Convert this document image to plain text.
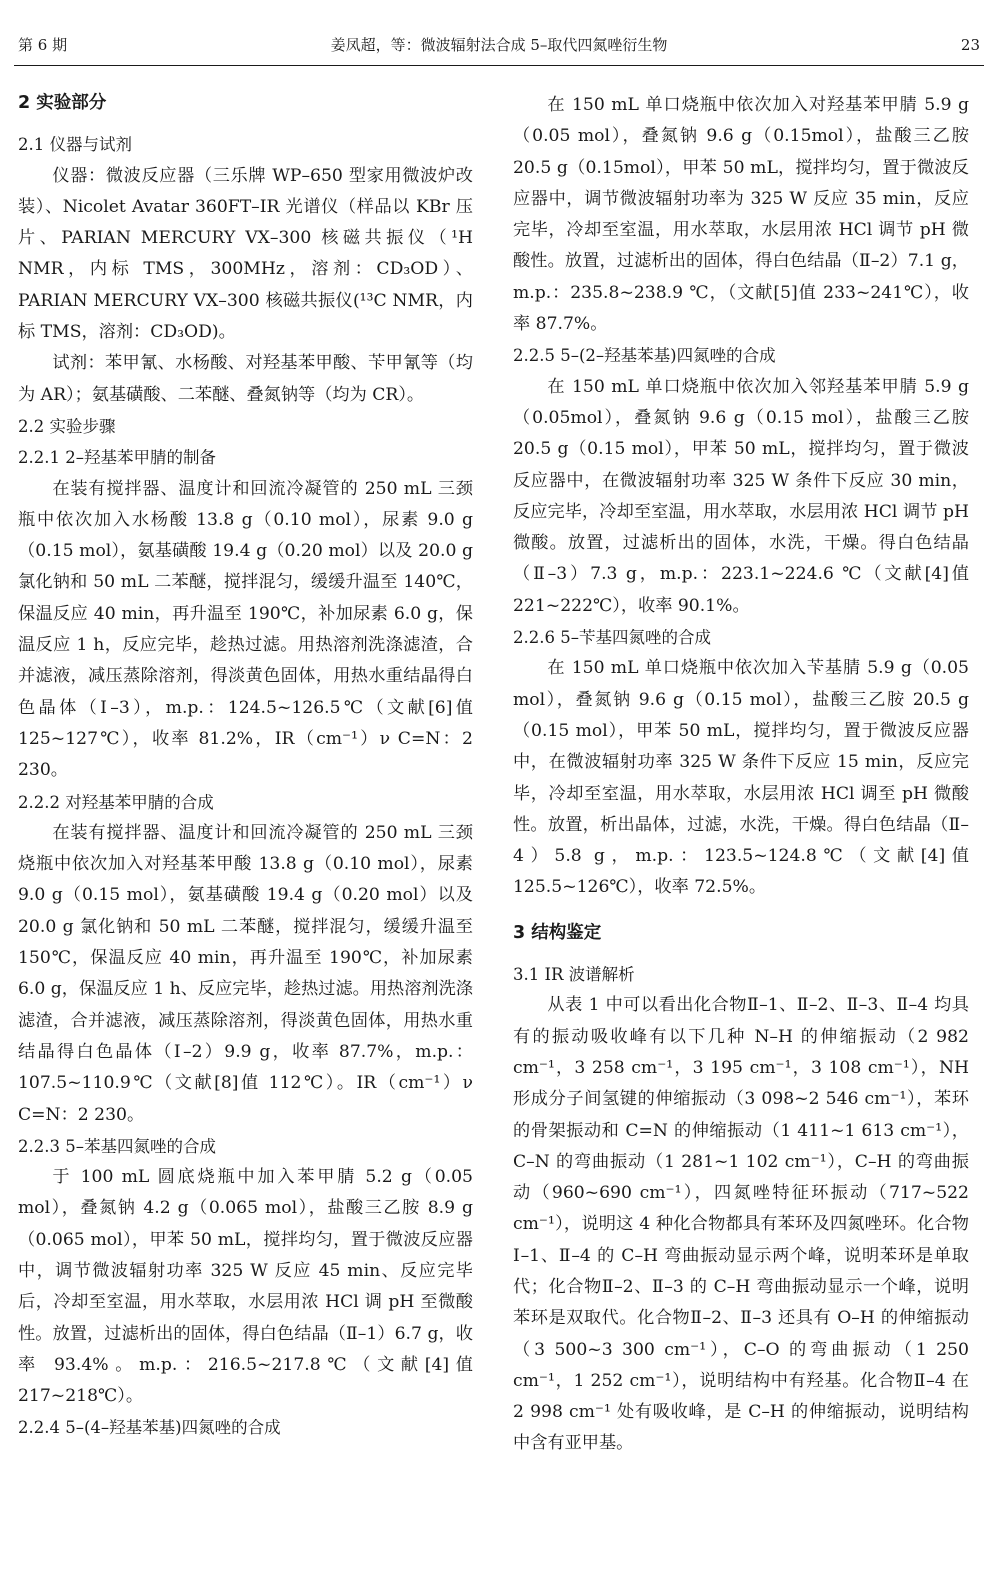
第 6 期	姜凤超，等：微波辐射法合成 5–取代四氮唑衍生物	23
2 实验部分
2.1 仪器与试剂
仪器：微波反应器（三乐牌 WP–650 型家用微波炉改装）、Nicolet Avatar 360FT–IR 光谱仪（样品以 KBr 压片、PARIAN MERCURY VX–300 核磁共振仪（¹H NMR，内标 TMS，300MHz，溶剂：CD₃OD）、PARIAN MERCURY VX–300 核磁共振仪(¹³C NMR，内标 TMS，溶剂：CD₃OD)。
试剂：苯甲氰、水杨酸、对羟基苯甲酸、苄甲氰等（均为 AR）；氨基磺酸、二苯醚、叠氮钠等（均为 CR）。
2.2 实验步骤
2.2.1 2–羟基苯甲腈的制备
在装有搅拌器、温度计和回流冷凝管的 250 mL 三颈瓶中依次加入水杨酸 13.8 g（0.10 mol），尿素 9.0 g（0.15 mol），氨基磺酸 19.4 g（0.20 mol）以及 20.0 g 氯化钠和 50 mL 二苯醚，搅拌混匀，缓缓升温至 140℃，保温反应 40 min，再升温至 190℃，补加尿素 6.0 g，保温反应 1 h，反应完毕，趁热过滤。用热溶剂洗涤滤渣，合并滤液，减压蒸除溶剂，得淡黄色固体，用热水重结晶得白色晶体（Ⅰ–3），m.p.：124.5~126.5℃（文献[6]值 125~127℃），收率 81.2%，IR（cm⁻¹）ν C=N：2 230。
2.2.2 对羟基苯甲腈的合成
在装有搅拌器、温度计和回流冷凝管的 250 mL 三颈烧瓶中依次加入对羟基苯甲酸 13.8 g（0.10 mol），尿素 9.0 g（0.15 mol），氨基磺酸 19.4 g（0.20 mol）以及 20.0 g 氯化钠和 50 mL 二苯醚，搅拌混匀，缓缓升温至 150℃，保温反应 40 min，再升温至 190℃，补加尿素 6.0 g，保温反应 1 h、反应完毕，趁热过滤。用热溶剂洗涤滤渣，合并滤液，减压蒸除溶剂，得淡黄色固体，用热水重结晶得白色晶体（Ⅰ–2）9.9 g，收率 87.7%，m.p.：107.5~110.9℃（文献[8]值 112℃）。IR（cm⁻¹）ν C=N：2 230。
2.2.3 5–苯基四氮唑的合成
于 100 mL 圆底烧瓶中加入苯甲腈 5.2 g（0.05 mol），叠氮钠 4.2 g（0.065 mol），盐酸三乙胺 8.9 g（0.065 mol），甲苯 50 mL，搅拌均匀，置于微波反应器中，调节微波辐射功率 325 W 反应 45 min、反应完毕后，冷却至室温，用水萃取，水层用浓 HCl 调 pH 至微酸性。放置，过滤析出的固体，得白色结晶（Ⅱ–1）6.7 g，收率 93.4%。m.p.：216.5~217.8℃（文献[4]值 217~218℃）。
2.2.4 5–(4–羟基苯基)四氮唑的合成
在 150 mL 单口烧瓶中依次加入对羟基苯甲腈 5.9 g（0.05 mol），叠氮钠 9.6 g（0.15mol），盐酸三乙胺 20.5 g（0.15mol），甲苯 50 mL，搅拌均匀，置于微波反应器中，调节微波辐射功率为 325 W 反应 35 min，反应完毕，冷却至室温，用水萃取，水层用浓 HCl 调节 pH 微酸性。放置，过滤析出的固体，得白色结晶（Ⅱ–2）7.1 g，m.p.：235.8~238.9 ℃，（文献[5]值 233~241℃），收率 87.7%。
2.2.5 5–(2–羟基苯基)四氮唑的合成
在 150 mL 单口烧瓶中依次加入邻羟基苯甲腈 5.9 g（0.05mol），叠氮钠 9.6 g（0.15 mol），盐酸三乙胺 20.5 g（0.15 mol），甲苯 50 mL，搅拌均匀，置于微波反应器中，在微波辐射功率 325 W 条件下反应 30 min，反应完毕，冷却至室温，用水萃取，水层用浓 HCl 调节 pH 微酸。放置，过滤析出的固体，水洗，干燥。得白色结晶（Ⅱ–3）7.3 g，m.p.：223.1~224.6 ℃（文献[4]值 221~222℃），收率 90.1%。
2.2.6 5–苄基四氮唑的合成
在 150 mL 单口烧瓶中依次加入苄基腈 5.9 g（0.05 mol），叠氮钠 9.6 g（0.15 mol），盐酸三乙胺 20.5 g（0.15 mol），甲苯 50 mL，搅拌均匀，置于微波反应器中，在微波辐射功率 325 W 条件下反应 15 min，反应完毕，冷却至室温，用水萃取，水层用浓 HCl 调至 pH 微酸性。放置，析出晶体，过滤，水洗，干燥。得白色结晶（Ⅱ–4）5.8 g，m.p.：123.5~124.8℃（文献[4]值 125.5~126℃），收率 72.5%。
3 结构鉴定
3.1 IR 波谱解析
从表 1 中可以看出化合物Ⅱ–1、Ⅱ–2、Ⅱ–3、Ⅱ–4 均具有的振动吸收峰有以下几种 N–H 的伸缩振动（2 982 cm⁻¹，3 258 cm⁻¹，3 195 cm⁻¹，3 108 cm⁻¹），NH 形成分子间氢键的伸缩振动（3 098~2 546 cm⁻¹），苯环的骨架振动和 C=N 的伸缩振动（1 411~1 613 cm⁻¹），C–N 的弯曲振动（1 281~1 102 cm⁻¹），C–H 的弯曲振动（960~690 cm⁻¹），四氮唑特征环振动（717~522 cm⁻¹），说明这 4 种化合物都具有苯环及四氮唑环。化合物Ⅰ–1、Ⅱ–4 的 C–H 弯曲振动显示两个峰，说明苯环是单取代；化合物Ⅱ–2、Ⅱ–3 的 C–H 弯曲振动显示一个峰，说明苯环是双取代。化合物Ⅱ–2、Ⅱ–3 还具有 O–H 的伸缩振动（3 500~3 300 cm⁻¹），C–O 的弯曲振动（1 250 cm⁻¹，1 252 cm⁻¹），说明结构中有羟基。化合物Ⅱ–4 在 2 998 cm⁻¹ 处有吸收峰，是 C–H 的伸缩振动，说明结构中含有亚甲基。
